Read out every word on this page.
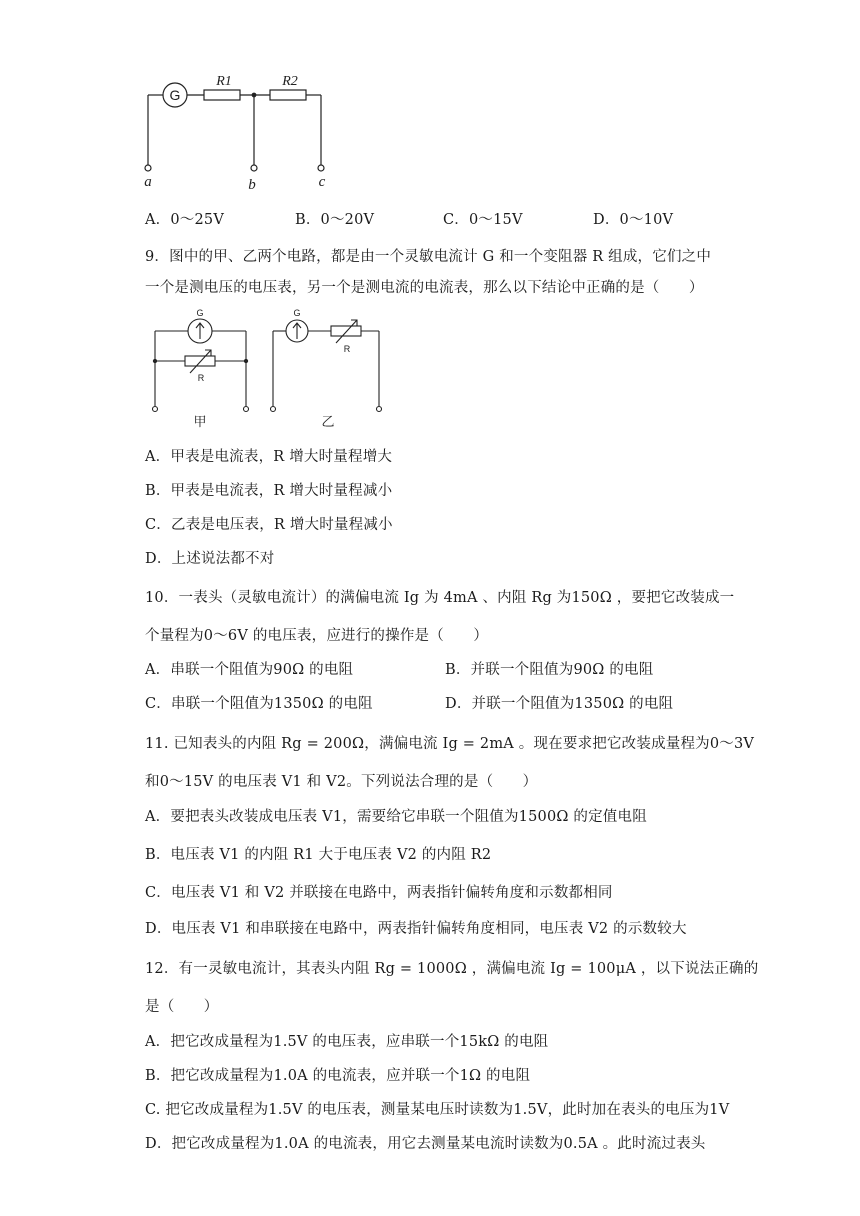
G
R1	R2
a	b	c
A．0～25V	B．0～20V	C．0～15V	D．0～10V
9．图中的甲、乙两个电路，都是由一个灵敏电流计 G 和一个变阻器 R 组成，它们之中
一个是测电压的电压表，另一个是测电流的电流表，那么以下结论中正确的是（　　）
G
R
甲
G
R
乙
A．甲表是电流表，R 增大时量程增大
B．甲表是电流表，R 增大时量程减小
C．乙表是电压表，R 增大时量程减小
D．上述说法都不对
10．一表头（灵敏电流计）的满偏电流 Ig 为 4mA 、内阻 Rg 为150Ω ，要把它改装成一
个量程为0～6V 的电压表，应进行的操作是（　　）
A．串联一个阻值为90Ω 的电阻	B．并联一个阻值为90Ω 的电阻
C．串联一个阻值为1350Ω 的电阻	D．并联一个阻值为1350Ω 的电阻
11. 已知表头的内阻 Rg = 200Ω，满偏电流 Ig = 2mA 。现在要求把它改装成量程为0～3V
和0～15V 的电压表 V1 和 V2。下列说法合理的是（　　）
A．要把表头改装成电压表 V1，需要给它串联一个阻值为1500Ω 的定值电阻
B．电压表 V1 的内阻 R1 大于电压表 V2 的内阻 R2
C．电压表 V1 和 V2 并联接在电路中，两表指针偏转角度和示数都相同
D．电压表 V1 和串联接在电路中，两表指针偏转角度相同，电压表 V2 的示数较大
12．有一灵敏电流计，其表头内阻 Rg = 1000Ω ，满偏电流 Ig = 100μA ，以下说法正确的
是（　　）
A．把它改成量程为1.5V 的电压表，应串联一个15kΩ 的电阻
B．把它改成量程为1.0A 的电流表，应并联一个1Ω 的电阻
C. 把它改成量程为1.5V 的电压表，测量某电压时读数为1.5V，此时加在表头的电压为1V
D．把它改成量程为1.0A 的电流表，用它去测量某电流时读数为0.5A 。此时流过表头
